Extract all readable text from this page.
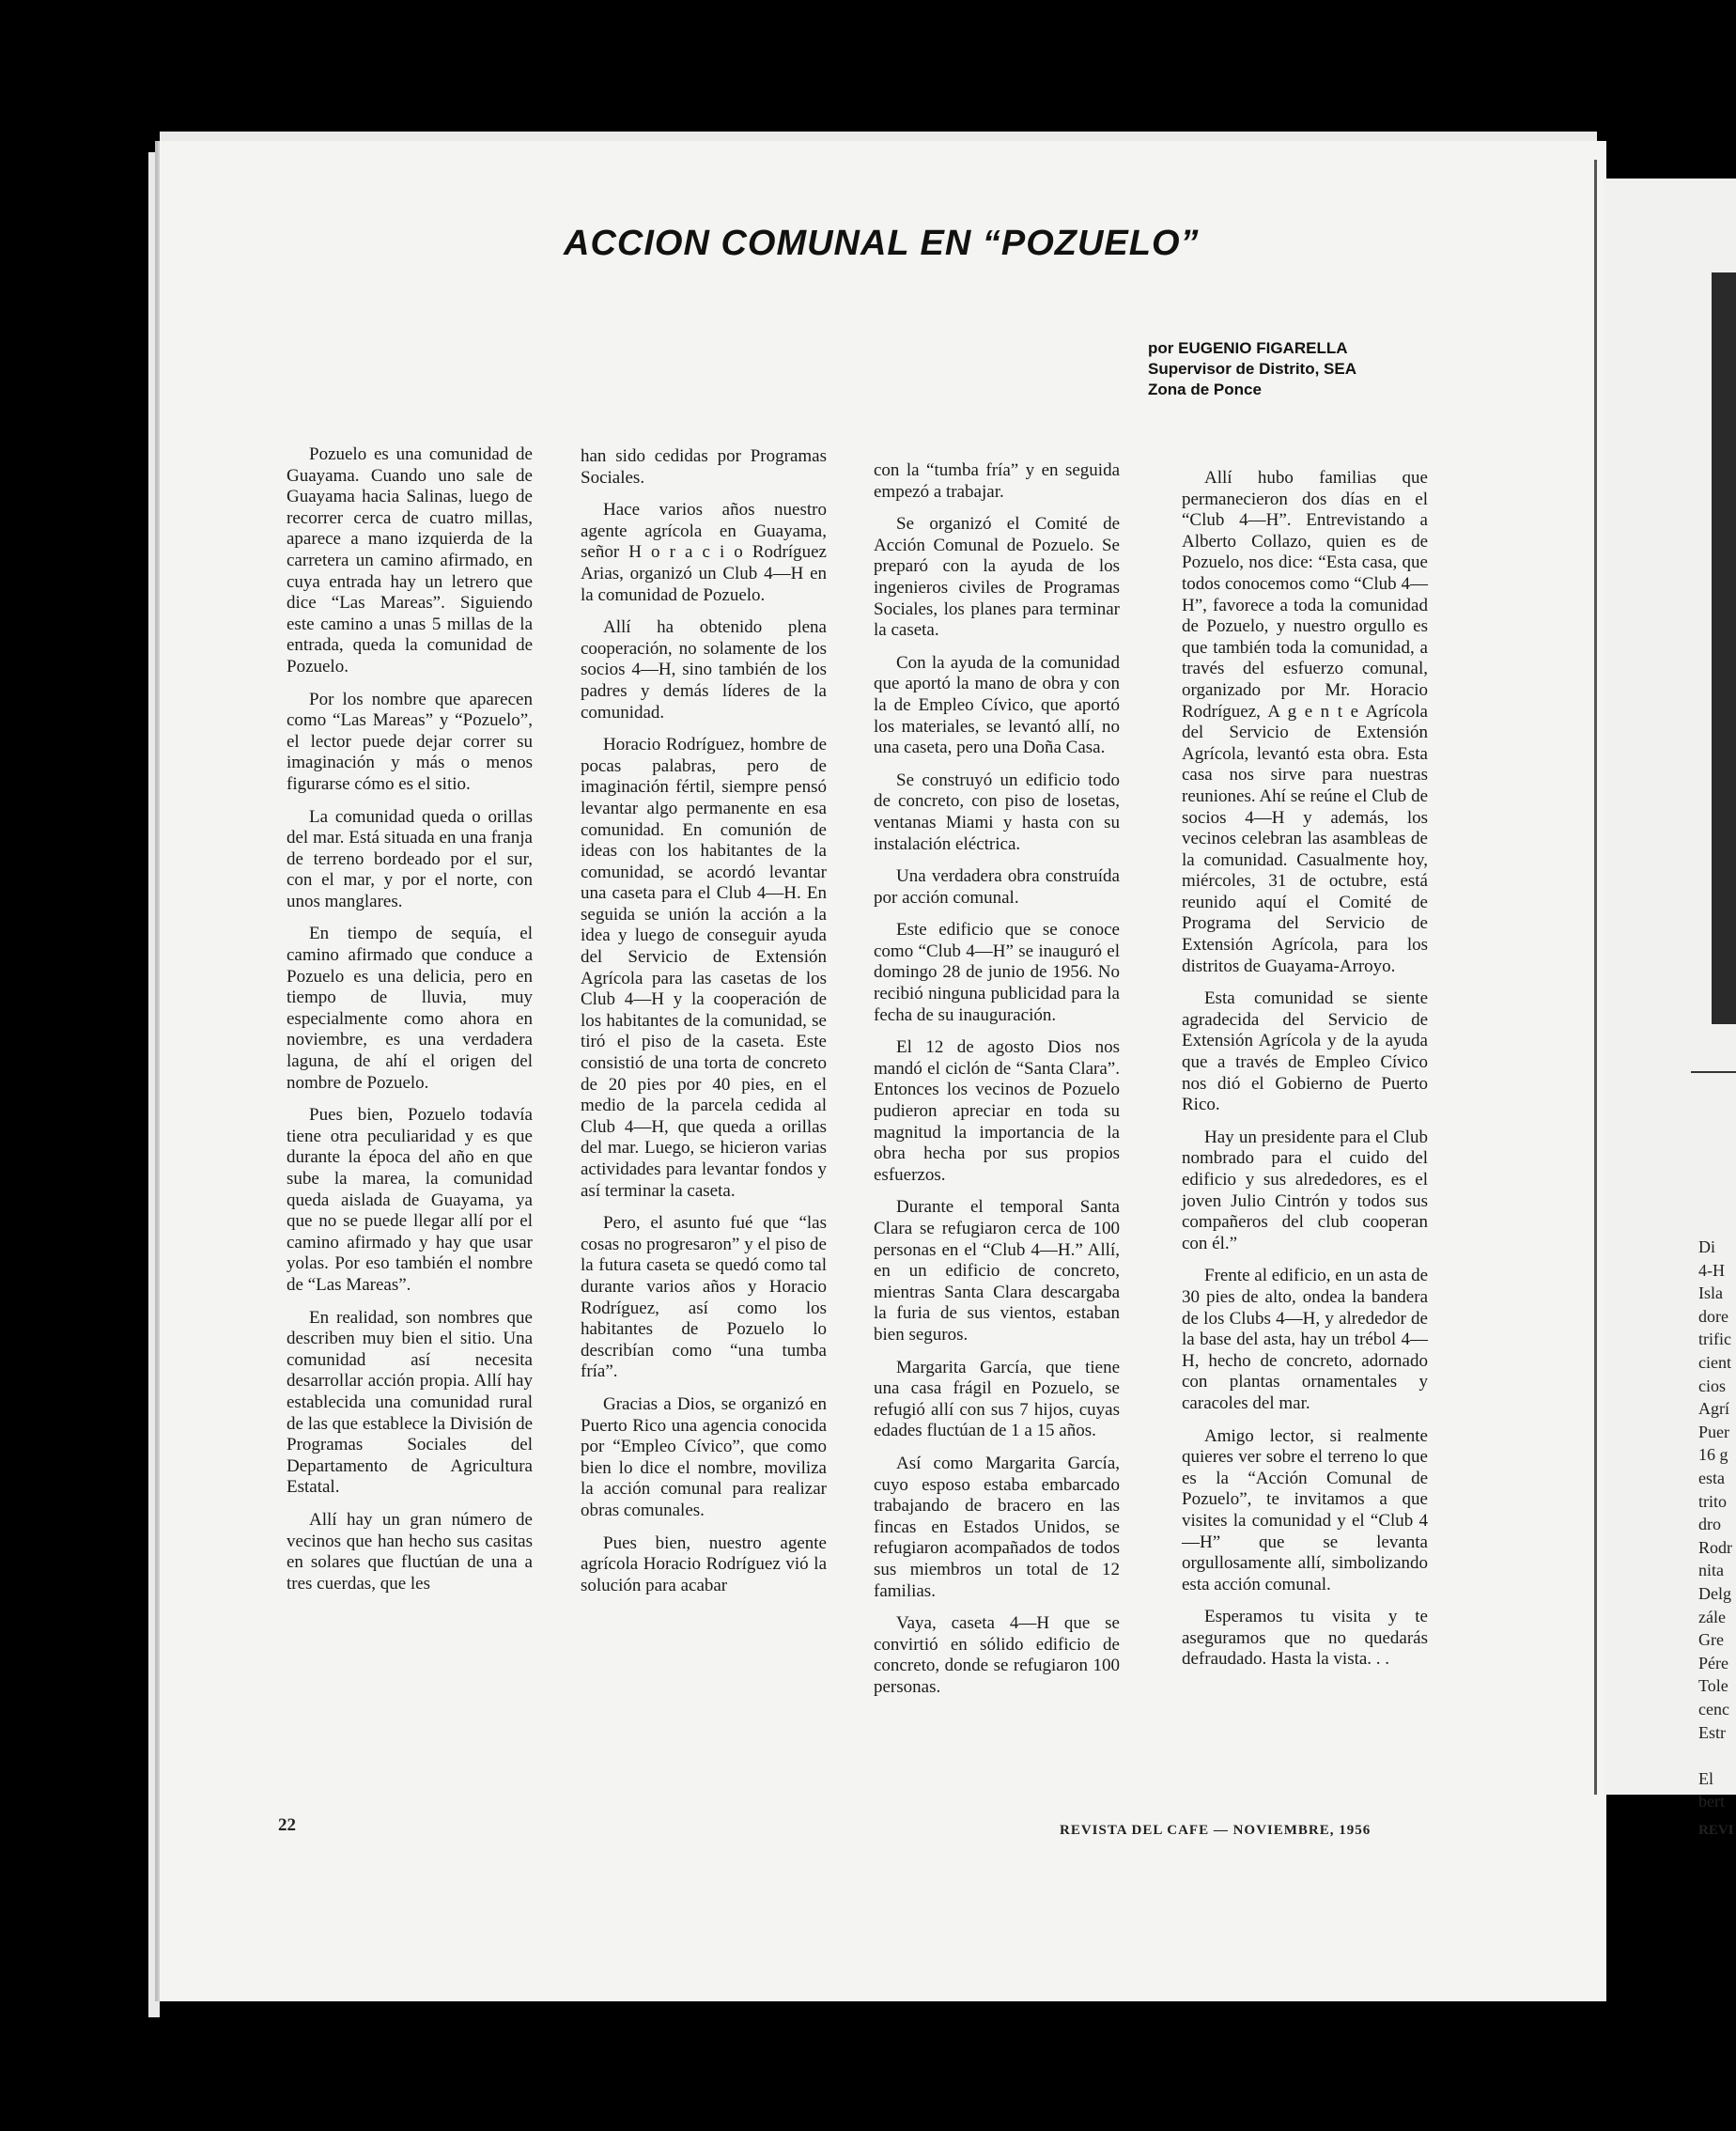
Di
4-H
Isla
dore
trific
cient
cios
Agrí
Puer
16 g
esta
trito
dro
Rodr
nita
Delg
zále
Gre
Pére
Tole
cenc
Estr
El
bert
ACCION COMUNAL EN “POZUELO”
por EUGENIO FIGARELLA
Supervisor de Distrito, SEA
Zona de Ponce

Pozuelo es una comunidad de Guayama. Cuando uno sale de Guayama hacia Salinas, luego de recorrer cerca de cuatro millas, aparece a mano izquierda de la carretera un camino afirmado, en cuya entrada hay un letrero que dice “Las Mareas”. Siguiendo este camino a unas 5 millas de la entrada, queda la comunidad de Pozuelo.

Por los nombre que aparecen como “Las Mareas” y “Pozuelo”, el lector puede dejar correr su imaginación y más o menos figurarse cómo es el sitio.

La comunidad queda o orillas del mar. Está situada en una franja de terreno bordeado por el sur, con el mar, y por el norte, con unos manglares.

En tiempo de sequía, el camino afirmado que conduce a Pozuelo es una delicia, pero en tiempo de lluvia, muy especialmente como ahora en noviembre, es una verdadera laguna, de ahí el origen del nombre de Pozuelo.

Pues bien, Pozuelo todavía tiene otra peculiaridad y es que durante la época del año en que sube la marea, la comunidad queda aislada de Guayama, ya que no se puede llegar allí por el camino afirmado y hay que usar yolas. Por eso también el nombre de “Las Mareas”.

En realidad, son nombres que describen muy bien el sitio. Una comunidad así necesita desarrollar acción propia. Allí hay establecida una comunidad rural de las que establece la División de Programas Sociales del Departamento de Agricultura Estatal.

Allí hay un gran número de vecinos que han hecho sus casitas en solares que fluctúan de una a tres cuerdas, que les

han sido cedidas por Programas Sociales.

Hace varios años nuestro agente agrícola en Guayama, señor H o r a c i o Rodríguez Arias, organizó un Club 4—H en la comunidad de Pozuelo.

Allí ha obtenido plena cooperación, no solamente de los socios 4—H, sino también de los padres y demás líderes de la comunidad.

Horacio Rodríguez, hombre de pocas palabras, pero de imaginación fértil, siempre pensó levantar algo permanente en esa comunidad. En comunión de ideas con los habitantes de la comunidad, se acordó levantar una caseta para el Club 4—H. En seguida se unión la acción a la idea y luego de conseguir ayuda del Servicio de Extensión Agrícola para las casetas de los Club 4—H y la cooperación de los habitantes de la comunidad, se tiró el piso de la caseta. Este consistió de una torta de concreto de 20 pies por 40 pies, en el medio de la parcela cedida al Club 4—H, que queda a orillas del mar. Luego, se hicieron varias actividades para levantar fondos y así terminar la caseta.

Pero, el asunto fué que “las cosas no progresaron” y el piso de la futura caseta se quedó como tal durante varios años y Horacio Rodríguez, así como los habitantes de Pozuelo lo describían como “una tumba fría”.

Gracias a Dios, se organizó en Puerto Rico una agencia conocida por “Empleo Cívico”, que como bien lo dice el nombre, moviliza la acción comunal para realizar obras comunales.

Pues bien, nuestro agente agrícola Horacio Rodríguez vió la solución para acabar

con la “tumba fría” y en seguida empezó a trabajar.

Se organizó el Comité de Acción Comunal de Pozuelo. Se preparó con la ayuda de los ingenieros civiles de Programas Sociales, los planes para terminar la caseta.

Con la ayuda de la comunidad que aportó la mano de obra y con la de Empleo Cívico, que aportó los materiales, se levantó allí, no una caseta, pero una Doña Casa.

Se construyó un edificio todo de concreto, con piso de losetas, ventanas Miami y hasta con su instalación eléctrica.

Una verdadera obra construída por acción comunal.

Este edificio que se conoce como “Club 4—H” se inauguró el domingo 28 de junio de 1956. No recibió ninguna publicidad para la fecha de su inauguración.

El 12 de agosto Dios nos mandó el ciclón de “Santa Clara”. Entonces los vecinos de Pozuelo pudieron apreciar en toda su magnitud la importancia de la obra hecha por sus propios esfuerzos.

Durante el temporal Santa Clara se refugiaron cerca de 100 personas en el “Club 4—H.” Allí, en un edificio de concreto, mientras Santa Clara descargaba la furia de sus vientos, estaban bien seguros.

Margarita García, que tiene una casa frágil en Pozuelo, se refugió allí con sus 7 hijos, cuyas edades fluctúan de 1 a 15 años.

Así como Margarita García, cuyo esposo estaba embarcado trabajando de bracero en las fincas en Estados Unidos, se refugiaron acompañados de todos sus miembros un total de 12 familias.

Vaya, caseta 4—H que se convirtió en sólido edificio de concreto, donde se refugiaron 100 personas.

Allí hubo familias que permanecieron dos días en el “Club 4—H”. Entrevistando a Alberto Collazo, quien es de Pozuelo, nos dice: “Esta casa, que todos conocemos como “Club 4—H”, favorece a toda la comunidad de Pozuelo, y nuestro orgullo es que también toda la comunidad, a través del esfuerzo comunal, organizado por Mr. Horacio Rodríguez, A g e n t e Agrícola del Servicio de Extensión Agrícola, levantó esta obra. Esta casa nos sirve para nuestras reuniones. Ahí se reúne el Club de socios 4—H y además, los vecinos celebran las asambleas de la comunidad. Casualmente hoy, miércoles, 31 de octubre, está reunido aquí el Comité de Programa del Servicio de Extensión Agrícola, para los distritos de Guayama-Arroyo.

Esta comunidad se siente agradecida del Servicio de Extensión Agrícola y de la ayuda que a través de Empleo Cívico nos dió el Gobierno de Puerto Rico.

Hay un presidente para el Club nombrado para el cuido del edificio y sus alrededores, es el joven Julio Cintrón y todos sus compañeros del club cooperan con él.”

Frente al edificio, en un asta de 30 pies de alto, ondea la bandera de los Clubs 4—H, y alrededor de la base del asta, hay un trébol 4—H, hecho de concreto, adornado con plantas ornamentales y caracoles del mar.

Amigo lector, si realmente quieres ver sobre el terreno lo que es la “Acción Comunal de Pozuelo”, te invitamos a que visites la comunidad y el “Club 4—H” que se levanta orgullosamente allí, simbolizando esta acción comunal.

Esperamos tu visita y te aseguramos que no quedarás defraudado. Hasta la vista. . .

22	REVISTA DEL CAFE — NOVIEMBRE, 1956	REVI
